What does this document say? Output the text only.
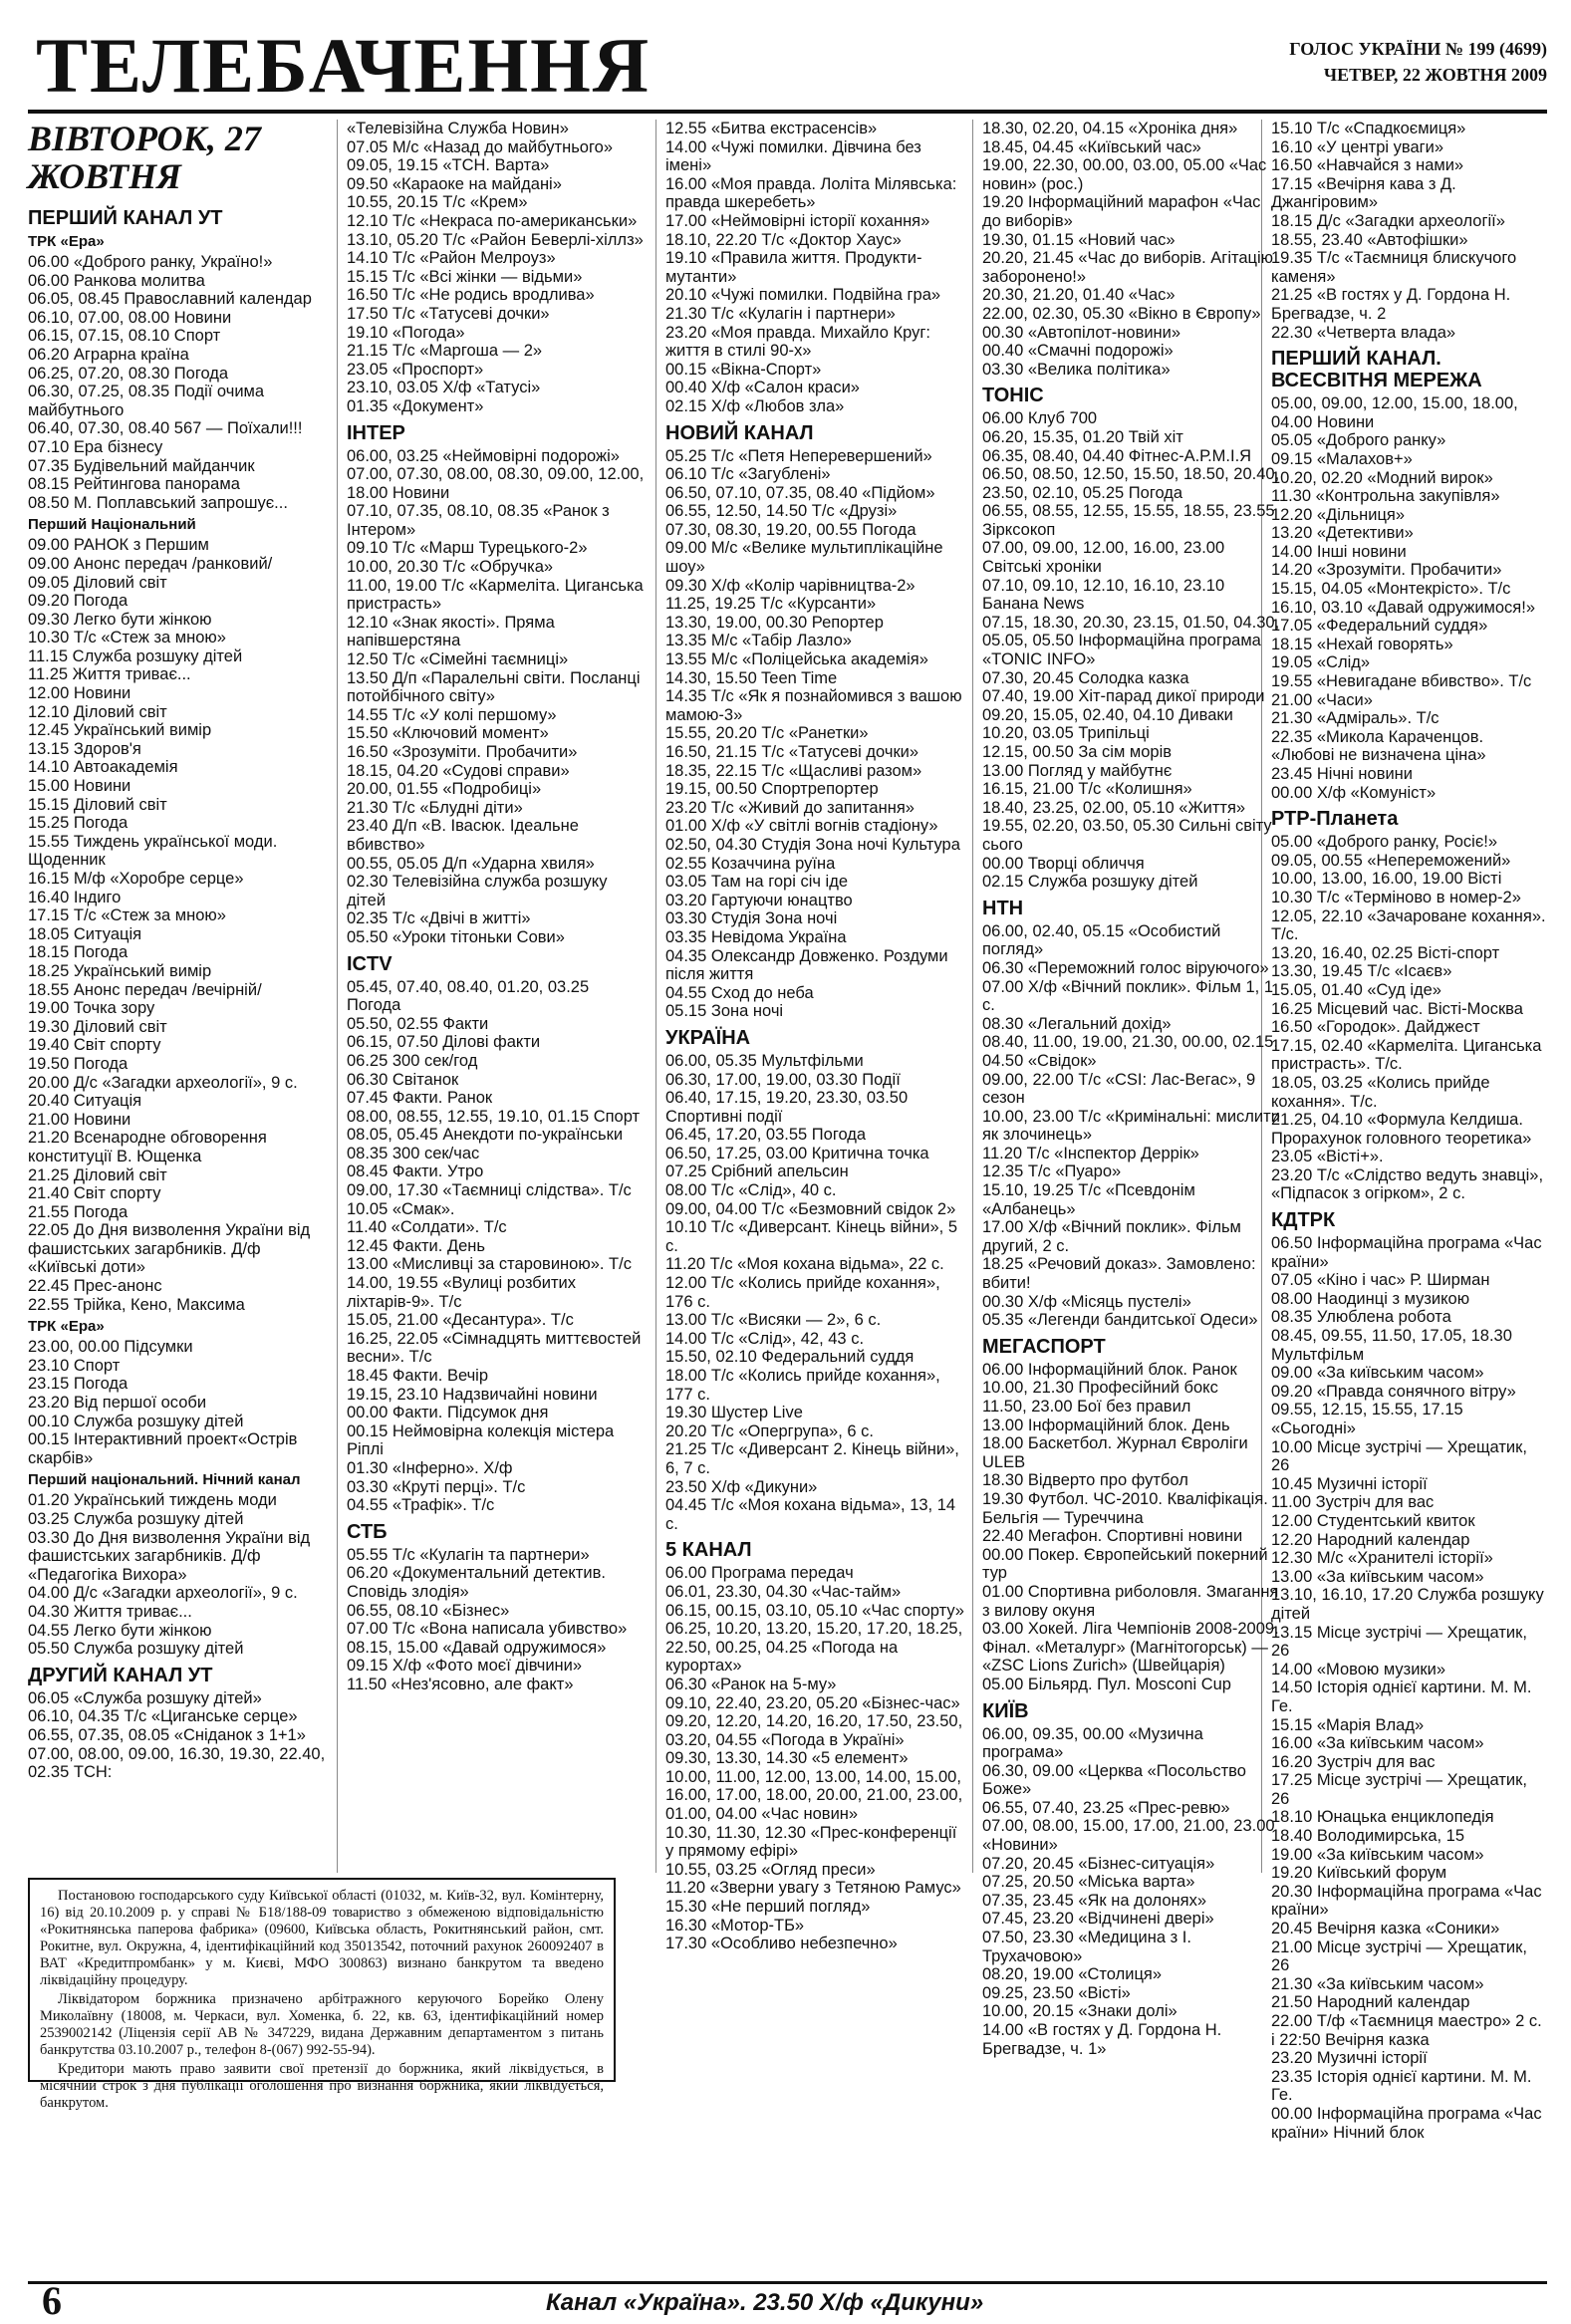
ТЕЛЕБАЧЕННЯ	ГОЛОС УКРАЇНИ № 199 (4699)
ЧЕТВЕР, 22 ЖОВТНЯ 2009
ВІВТОРОК, 27 ЖОВТНЯ
ПЕРШИЙ КАНАЛ УТ
ТРК «Ера»
06.00 «Доброго ранку, Україно!»
06.00 Ранкова молитва
06.05, 08.45 Православний календар
06.10, 07.00, 08.00 Новини
06.15, 07.15, 08.10 Спорт
06.20 Аграрна країна
06.25, 07.20, 08.30 Погода
06.30, 07.25, 08.35 Події очима майбутнього
06.40, 07.30, 08.40 567 — Поїхали!!!
07.10 Ера бізнесу
07.35 Будівельний майданчик
08.15 Рейтингова панорама
08.50 М. Поплавський запрошує...
Перший Національний
09.00 РАНОК з Першим
09.00 Анонс передач /ранковий/
09.05 Діловий світ
09.20 Погода
09.30 Легко бути жінкою
10.30 Т/с «Стеж за мною»
11.15 Служба розшуку дітей
11.25 Життя триває...
12.00 Новини
12.10 Діловий світ
12.45 Український вимір
13.15 Здоров'я
14.10 Автоакадемія
15.00 Новини
15.15 Діловий світ
15.25 Погода
15.55 Тиждень української моди. Щоденник
16.15 М/ф «Хоробре серце»
16.40 Індиго
17.15 Т/с «Стеж за мною»
18.05 Ситуація
18.15 Погода
18.25 Український вимір
18.55 Анонс передач /вечірній/
19.00 Точка зору
19.30 Діловий світ
19.40 Світ спорту
19.50 Погода
20.00 Д/с «Загадки археології», 9 с.
20.40 Ситуація
21.00 Новини
21.20 Всенародне обговорення конституції В. Ющенка
21.25 Діловий світ
21.40 Світ спорту
21.55 Погода
22.05 До Дня визволення України від фашистських загарбників. Д/ф «Київські доти»
22.45 Прес-анонс
22.55 Трійка, Кено, Максима
ТРК «Ера»
23.00, 00.00 Підсумки
23.10 Спорт
23.15 Погода
23.20 Від першої особи
00.10 Служба розшуку дітей
00.15 Інтерактивний проект«Острів скарбів»
Перший національний. Нічний канал
01.20 Український тиждень моди
03.25 Служба розшуку дітей
03.30 До Дня визволення України від фашистських загарбників. Д/ф «Педагогіка Вихора»
04.00 Д/с «Загадки археології», 9 с.
04.30 Життя триває...
04.55 Легко бути жінкою
05.50 Служба розшуку дітей
ДРУГИЙ КАНАЛ УТ
06.05 «Служба розшуку дітей»
06.10, 04.35 Т/с «Циганське серце»
06.55, 07.35, 08.05 «Сніданок з 1+1»
07.00, 08.00, 09.00, 16.30, 19.30, 22.40, 02.35 ТСН:
«Телевізійна Служба Новин»
07.05 М/с «Назад до майбутнього»
09.05, 19.15 «ТСН. Варта»
09.50 «Караоке на майдані»
10.55, 20.15 Т/с «Крем»
12.10 Т/с «Некраса по-американськи»
13.10, 05.20 Т/с «Район Беверлі-хіллз»
14.10 Т/с «Район Мелроуз»
15.15 Т/с «Всі жінки — відьми»
16.50 Т/с «Не родись вродлива»
17.50 Т/с «Татусеві дочки»
19.10 «Погода»
21.15 Т/с «Маргоша — 2»
23.05 «Проспорт»
23.10, 03.05 Х/ф «Татусі»
01.35 «Документ»
ІНТЕР
06.00, 03.25 «Неймовірні подорожі»
07.00, 07.30, 08.00, 08.30, 09.00, 12.00, 18.00 Новини
07.10, 07.35, 08.10, 08.35 «Ранок з Інтером»
09.10 Т/с «Марш Турецького-2»
10.00, 20.30 Т/с «Обручка»
11.00, 19.00 Т/с «Кармеліта. Циганська пристрасть»
12.10 «Знак якості». Пряма напівшерстяна
12.50 Т/с «Сімейні таємниці»
13.50 Д/п «Паралельні світи. Посланці потойбічного світу»
14.55 Т/с «У колі першому»
15.50 «Ключовий момент»
16.50 «Зрозуміти. Пробачити»
18.15, 04.20 «Судові справи»
20.00, 01.55 «Подробиці»
21.30 Т/с «Блудні діти»
23.40 Д/п «В. Івасюк. Ідеальне вбивство»
00.55, 05.05 Д/п «Ударна хвиля»
02.30 Телевізійна служба розшуку дітей
02.35 Т/с «Двічі в житті»
05.50 «Уроки тітоньки Сови»
ICTV
05.45, 07.40, 08.40, 01.20, 03.25 Погода
05.50, 02.55 Факти
06.15, 07.50 Ділові факти
06.25 300 сек/год
06.30 Світанок
07.45 Факти. Ранок
08.00, 08.55, 12.55, 19.10, 01.15 Спорт
08.05, 05.45 Анекдоти по-українськи
08.35 300 сек/час
08.45 Факти. Утро
09.00, 17.30 «Таємниці слідства». Т/с
10.05 «Смак».
11.40 «Солдати». Т/с
12.45 Факти. День
13.00 «Мисливці за старовиною». Т/с
14.00, 19.55 «Вулиці розбитих ліхтарів-9». Т/с
15.05, 21.00 «Десантура». Т/с
16.25, 22.05 «Сімнадцять миттєвостей весни». Т/с
18.45 Факти. Вечір
19.15, 23.10 Надзвичайні новини
00.00 Факти. Підсумок дня
00.15 Неймовірна колекція містера Ріплі
01.30 «Інферно». Х/ф
03.30 «Круті перці». Т/с
04.55 «Трафік». Т/с
СТБ
05.55 Т/с «Кулагін та партнери»
06.20 «Документальний детектив. Сповідь злодія»
06.55, 08.10 «Бізнес»
07.00 Т/с «Вона написала убивство»
08.15, 15.00 «Давай одружимося»
09.15 Х/ф «Фото моєї дівчини»
11.50 «Нез'ясовно, але факт»
12.55 «Битва екстрасенсів»
14.00 «Чужі помилки. Дівчина без імені»
16.00 «Моя правда. Лоліта Мілявська: правда шкеребеть»
17.00 «Неймовірні історії кохання»
18.10, 22.20 Т/с «Доктор Хаус»
19.10 «Правила життя. Продукти-мутанти»
20.10 «Чужі помилки. Подвійна гра»
21.30 Т/с «Кулагін і партнери»
23.20 «Моя правда. Михайло Круг: життя в стилі 90-х»
00.15 «Вікна-Спорт»
00.40 Х/ф «Салон краси»
02.15 Х/ф «Любов зла»
НОВИЙ КАНАЛ
05.25 Т/с «Петя Неперевершений»
06.10 Т/с «Загублені»
06.50, 07.10, 07.35, 08.40 «Підйом»
06.55, 12.50, 14.50 Т/с «Друзі»
07.30, 08.30, 19.20, 00.55 Погода
09.00 М/с «Велике мультиплікаційне шоу»
09.30 Х/ф «Колір чарівництва-2»
11.25, 19.25 Т/с «Курсанти»
13.30, 19.00, 00.30 Репортер
13.35 М/с «Табір Лазло»
13.55 М/с «Поліцейська академія»
14.30, 15.50 Teen Time
14.35 Т/с «Як я познайомився з вашою мамою-3»
15.55, 20.20 Т/с «Ранетки»
16.50, 21.15 Т/с «Татусеві дочки»
18.35, 22.15 Т/с «Щасливі разом»
19.15, 00.50 Спортрепортер
23.20 Т/с «Живий до запитання»
01.00 Х/ф «У світлі вогнів стадіону»
02.50, 04.30 Студія Зона ночі Культура
02.55 Козаччина руїна
03.05 Там на горі січ іде
03.20 Гартуючи юнацтво
03.30 Студія Зона ночі
03.35 Невідома Україна
04.35 Олександр Довженко. Роздуми після життя
04.55 Сход до неба
05.15 Зона ночі
УКРАЇНА
06.00, 05.35 Мультфільми
06.30, 17.00, 19.00, 03.30 Події
06.40, 17.15, 19.20, 23.30, 03.50 Спортивні події
06.45, 17.20, 03.55 Погода
06.50, 17.25, 03.00 Критична точка
07.25 Срібний апельсин
08.00 Т/с «Слід», 40 с.
09.00, 04.00 Т/с «Безмовний свідок 2»
10.10 Т/с «Диверсант. Кінець війни», 5 с.
11.20 Т/с «Моя кохана відьма», 22 с.
12.00 Т/с «Колись прийде кохання», 176 с.
13.00 Т/с «Висяки — 2», 6 с.
14.00 Т/с «Слід», 42, 43 с.
15.50, 02.10 Федеральний суддя
18.00 Т/с «Колись прийде кохання», 177 с.
19.30 Шустер Live
20.20 Т/с «Опергрупа», 6 с.
21.25 Т/с «Диверсант 2. Кінець війни», 6, 7 с.
23.50 Х/ф «Дикуни»
04.45 Т/с «Моя кохана відьма», 13, 14 с.
5 КАНАЛ
06.00 Програма передач
06.01, 23.30, 04.30 «Час-тайм»
06.15, 00.15, 03.10, 05.10 «Час спорту»
06.25, 10.20, 13.20, 15.20, 17.20, 18.25, 22.50, 00.25, 04.25 «Погода на курортах»
06.30 «Ранок на 5-му»
09.10, 22.40, 23.20, 05.20 «Бізнес-час»
09.20, 12.20, 14.20, 16.20, 17.50, 23.50, 03.20, 04.55 «Погода в Україні»
09.30, 13.30, 14.30 «5 елемент»
10.00, 11.00, 12.00, 13.00, 14.00, 15.00, 16.00, 17.00, 18.00, 20.00, 21.00, 23.00, 01.00, 04.00 «Час новин»
10.30, 11.30, 12.30 «Прес-конференції у прямому ефірі»
10.55, 03.25 «Огляд преси»
11.20 «Зверни увагу з Тетяною Рамус»
15.30 «Не перший погляд»
16.30 «Мотор-ТБ»
17.30 «Особливо небезпечно»
18.30, 02.20, 04.15 «Хроніка дня»
18.45, 04.45 «Київський час»
19.00, 22.30, 00.00, 03.00, 05.00 «Час новин» (рос.)
19.20 Інформаційний марафон «Час до виборів»
19.30, 01.15 «Новий час»
20.20, 21.45 «Час до виборів. Агітацію заборонено!»
20.30, 21.20, 01.40 «Час»
22.00, 02.30, 05.30 «Вікно в Європу»
00.30 «Автопілот-новини»
00.40 «Смачні подорожі»
03.30 «Велика політика»
ТОНІС
06.00 Клуб 700
06.20, 15.35, 01.20 Твій хіт
06.35, 08.40, 04.40 Фітнес-А.Р.М.І.Я
06.50, 08.50, 12.50, 15.50, 18.50, 20.40, 23.50, 02.10, 05.25 Погода
06.55, 08.55, 12.55, 15.55, 18.55, 23.55 Зірксокоп
07.00, 09.00, 12.00, 16.00, 23.00 Світські хроніки
07.10, 09.10, 12.10, 16.10, 23.10 Банана News
07.15, 18.30, 20.30, 23.15, 01.50, 04.30, 05.05, 05.50 Інформаційна програма «TONIC INFO»
07.30, 20.45 Солодка казка
07.40, 19.00 Хіт-парад дикої природи
09.20, 15.05, 02.40, 04.10 Диваки
10.20, 03.05 Трипільці
12.15, 00.50 За сім морів
13.00 Погляд у майбутнє
16.15, 21.00 Т/с «Колишня»
18.40, 23.25, 02.00, 05.10 «Життя»
19.55, 02.20, 03.50, 05.30 Сильні світу сього
00.00 Творці обличчя
02.15 Служба розшуку дітей
НТН
06.00, 02.40, 05.15 «Особистий погляд»
06.30 «Переможний голос віруючого»
07.00 Х/ф «Вічний поклик». Фільм 1, 1 с.
08.30 «Легальний дохід»
08.40, 11.00, 19.00, 21.30, 00.00, 02.15, 04.50 «Свідок»
09.00, 22.00 Т/с «CSI: Лас-Вегас», 9 сезон
10.00, 23.00 Т/с «Кримінальні: мислити як злочинець»
11.20 Т/с «Інспектор Деррік»
12.35 Т/с «Пуаро»
15.10, 19.25 Т/с «Псевдонім «Албанець»
17.00 Х/ф «Вічний поклик». Фільм другий, 2 с.
18.25 «Речовий доказ». Замовлено: вбити!
00.30 Х/ф «Місяць пустелі»
05.35 «Легенди бандитської Одеси»
МЕГАСПОРТ
06.00 Інформаційний блок. Ранок
10.00, 21.30 Професійний бокс
11.50, 23.00 Бої без правил
13.00 Інформаційний блок. День
18.00 Баскетбол. Журнал Євроліги ULEB
18.30 Відверто про футбол
19.30 Футбол. ЧС-2010. Кваліфікація. Бельгія — Туреччина
22.40 Мегафон. Спортивні новини
00.00 Покер. Європейський покерний тур
01.00 Спортивна риболовля. Змагання з вилову окуня
03.00 Хокей. Ліга Чемпіонів 2008-2009. Фінал. «Металург» (Магнітогорськ) — «ZSC Lions Zurich» (Швейцарія)
05.00 Більярд. Пул. Mosconi Cup
КИЇВ
06.00, 09.35, 00.00 «Музична програма»
06.30, 09.00 «Церква «Посольство Боже»
06.55, 07.40, 23.25 «Прес-ревю»
07.00, 08.00, 15.00, 17.00, 21.00, 23.00 «Новини»
07.20, 20.45 «Бізнес-ситуація»
07.25, 20.50 «Міська варта»
07.35, 23.45 «Як на долонях»
07.45, 23.20 «Відчинені двері»
07.50, 23.30 «Медицина з І. Трухачовою»
08.20, 19.00 «Столиця»
09.25, 23.50 «Вісті»
10.00, 20.15 «Знаки долі»
14.00 «В гостях у Д. Гордона Н. Брегвадзе, ч. 1»
15.10 Т/с «Спадкоємиця»
16.10 «У центрі уваги»
16.50 «Навчайся з нами»
17.15 «Вечірня кава з Д. Джангіровим»
18.15 Д/с «Загадки археології»
18.55, 23.40 «Автофішки»
19.35 Т/с «Таємниця блискучого каменя»
21.25 «В гостях у Д. Гордона Н. Брегвадзе, ч. 2
22.30 «Четверта влада»
ПЕРШИЙ КАНАЛ. ВСЕСВІТНЯ МЕРЕЖА
05.00, 09.00, 12.00, 15.00, 18.00, 04.00 Новини
05.05 «Доброго ранку»
09.15 «Малахов+»
10.20, 02.20 «Модний вирок»
11.30 «Контрольна закупівля»
12.20 «Дільниця»
13.20 «Детективи»
14.00 Інші новини
14.20 «Зрозуміти. Пробачити»
15.15, 04.05 «Монтекрісто». Т/с
16.10, 03.10 «Давай одружимося!»
17.05 «Федеральний суддя»
18.15 «Нехай говорять»
19.05 «Слід»
19.55 «Невигадане вбивство». Т/с
21.00 «Часи»
21.30 «Адміраль». Т/с
22.35 «Микола Караченцов. «Любові не визначена ціна»
23.45 Нічні новини
00.00 Х/ф «Комуніст»
РТР-Планета
05.00 «Доброго ранку, Росіє!»
09.05, 00.55 «Непереможений»
10.00, 13.00, 16.00, 19.00 Вісті
10.30 Т/с «Терміново в номер-2»
12.05, 22.10 «Зачароване кохання». Т/с.
13.20, 16.40, 02.25 Вісті-спорт
13.30, 19.45 Т/с «Ісаєв»
15.05, 01.40 «Суд іде»
16.25 Місцевий час. Вісті-Москва
16.50 «Городок». Дайджест
17.15, 02.40 «Кармеліта. Циганська пристрасть». Т/с.
18.05, 03.25 «Колись прийде кохання». Т/с.
21.25, 04.10 «Формула Келдиша. Прорахунок головного теоретика»
23.05 «Вісті+».
23.20 Т/с «Слідство ведуть знавці», «Підпасок з огірком», 2 с.
КДТРК
06.50 Інформаційна програма «Час країни»
07.05 «Кіно і час» Р. Ширман
08.00 Наодинці з музикою
08.35 Улюблена робота
08.45, 09.55, 11.50, 17.05, 18.30 Мультфільм
09.00 «За київським часом»
09.20 «Правда сонячного вітру»
09.55, 12.15, 15.55, 17.15 «Сьогодні»
10.00 Місце зустрічі — Хрещатик, 26
10.45 Музичні історії
11.00 Зустріч для вас
12.00 Студентський квиток
12.20 Народний календар
12.30 М/с «Хранителі історії»
13.00 «За київським часом»
13.10, 16.10, 17.20 Служба розшуку дітей
13.15 Місце зустрічі — Хрещатик, 26
14.00 «Мовою музики»
14.50 Історія однієї картини. М. М. Ге.
15.15 «Марія Влад»
16.00 «За київським часом»
16.20 Зустріч для вас
17.25 Місце зустрічі — Хрещатик, 26
18.10 Юнацька енциклопедія
18.40 Володимирська, 15
19.00 «За київським часом»
19.20 Київський форум
20.30 Інформаційна програма «Час країни»
20.45 Вечірня казка «Соники»
21.00 Місце зустрічі — Хрещатик, 26
21.30 «За київським часом»
21.50 Народний календар
22.00 Т/ф «Таємниця маестро» 2 с. і 22:50 Вечірня казка
23.20 Музичні історії
23.35 Історія однієї картини. М. М. Ге.
00.00 Інформаційна програма «Час країни» Нічний блок

Постановою господарського суду Київської області (01032, м. Київ-32, вул. Комінтерну, 16) від 20.10.2009 р. у справі № Б18/188-09 товариство з обмеженою відповідальністю «Рокитнянська паперова фабрика» (09600, Київська область, Рокитнянський район, смт. Рокитне, вул. Окружна, 4, ідентифікаційний код 35013542, поточний рахунок 260092407 в ВАТ «Кредитпромбанк» у м. Києві, МФО 300863) визнано банкрутом та введено ліквідаційну процедуру.

Ліквідатором боржника призначено арбітражного керуючого Борейко Олену Миколаївну (18008, м. Черкаси, вул. Хоменка, б. 22, кв. 63, ідентифікаційний номер 2539002142 (Ліцензія серії АВ № 347229, видана Державним департаментом з питань банкрутства 03.10.2007 р., телефон 8-(067) 992-55-94).

Кредитори мають право заявити свої претензії до боржника, який ліквідується, в місячний строк з дня публікації оголошення про визнання боржника, який ліквідується, банкрутом.

6	Канал «Україна». 23.50 Х/ф «Дикуни»
